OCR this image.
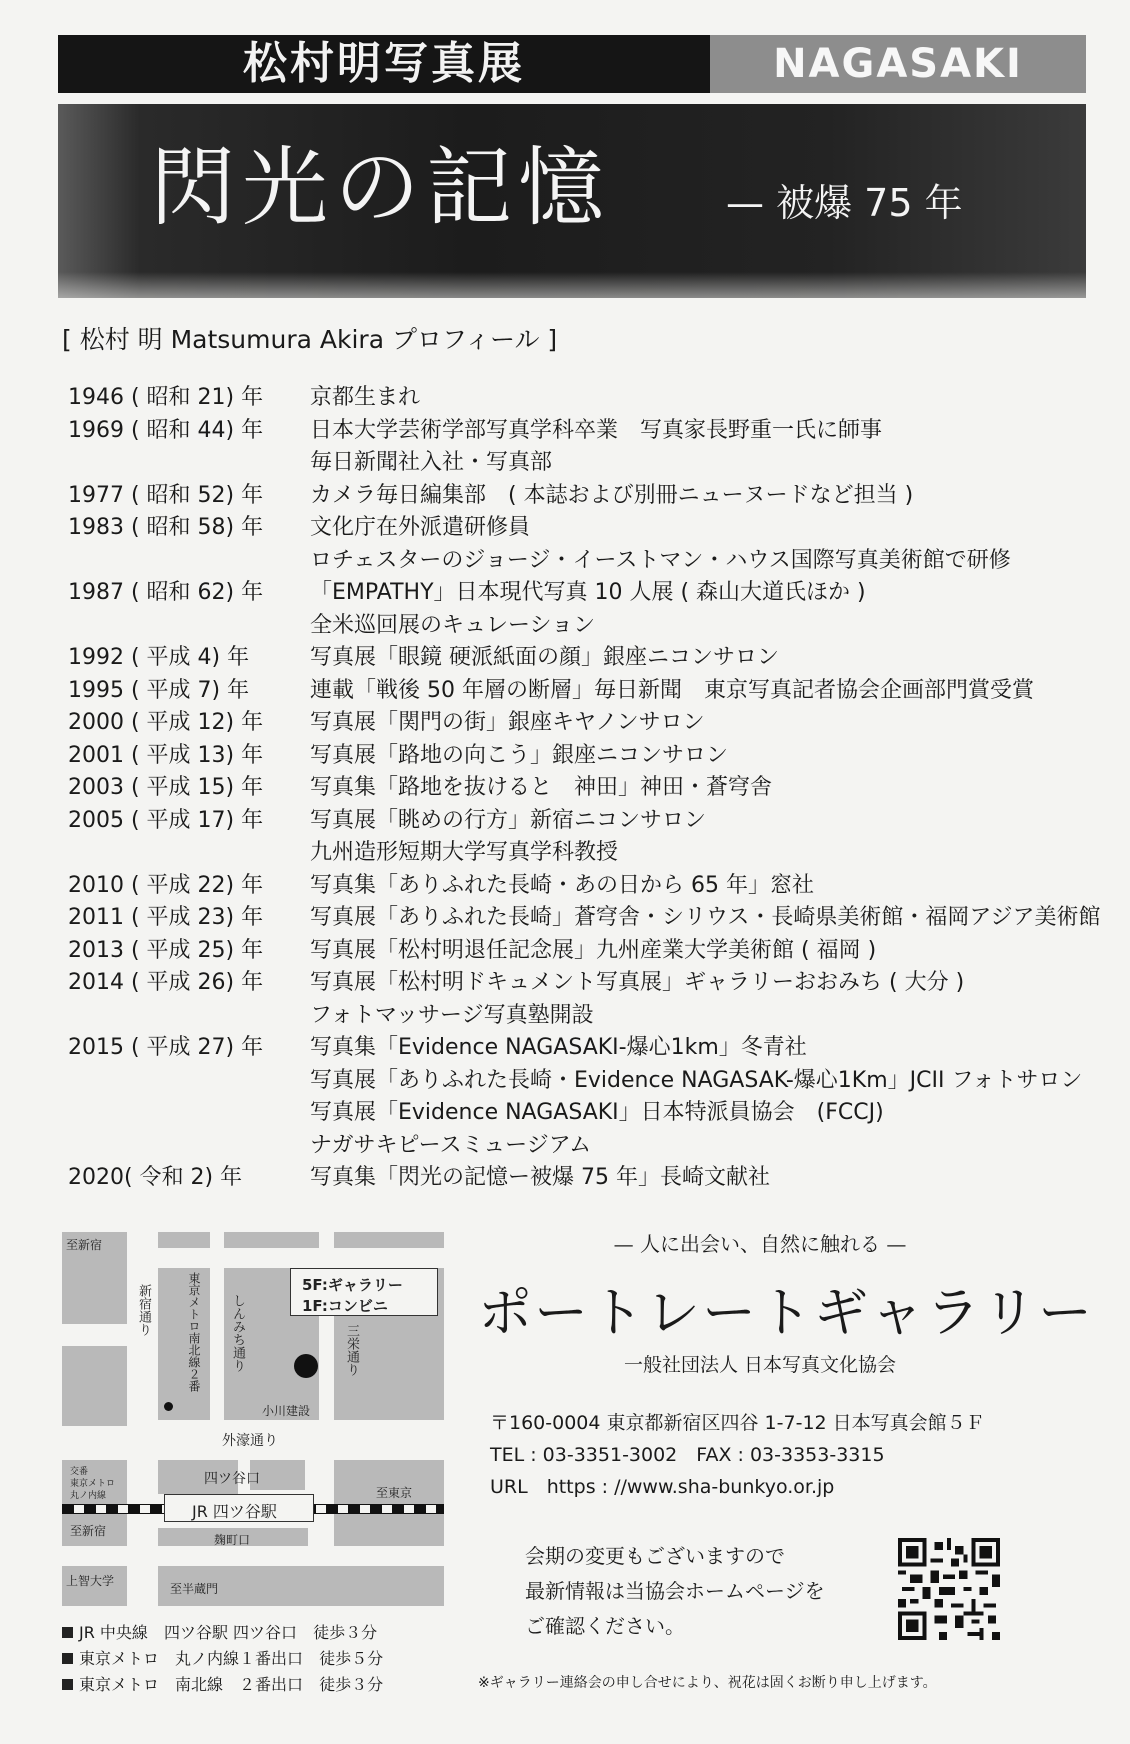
松村明写真展	NAGASAKI
閃光の記憶	— 被爆 75 年
[ 松村 明 Matsumura Akira プロフィール ]
1946 ( 昭和 21) 年 京都生まれ
1969 ( 昭和 44) 年 日本大学芸術学部写真学科卒業　写真家長野重一氏に師事
毎日新聞社入社・写真部
1977 ( 昭和 52) 年 カメラ毎日編集部　( 本誌および別冊ニューヌードなど担当 )
1983 ( 昭和 58) 年 文化庁在外派遣研修員
ロチェスターのジョージ・イーストマン・ハウス国際写真美術館で研修
1987 ( 昭和 62) 年 「EMPATHY」日本現代写真 10 人展 ( 森山大道氏ほか )
全米巡回展のキュレーション
1992 ( 平成 4) 年	写真展「眼鏡 硬派紙面の顔」銀座ニコンサロン
1995 ( 平成 7) 年	連載「戦後 50 年層の断層」毎日新聞　東京写真記者協会企画部門賞受賞
2000 ( 平成 12) 年 写真展「関門の街」銀座キヤノンサロン
2001 ( 平成 13) 年 写真展「路地の向こう」銀座ニコンサロン
2003 ( 平成 15) 年 写真集「路地を抜けると　神田」神田・蒼穹舎
2005 ( 平成 17) 年 写真展「眺めの行方」新宿ニコンサロン
九州造形短期大学写真学科教授
2010 ( 平成 22) 年 写真集「ありふれた長崎・あの日から 65 年」窓社
2011 ( 平成 23) 年 写真展「ありふれた長崎」蒼穹舎・シリウス・長崎県美術館・福岡アジア美術館
2013 ( 平成 25) 年 写真展「松村明退任記念展」九州産業大学美術館 ( 福岡 )
2014 ( 平成 26) 年 写真展「松村明ドキュメント写真展」ギャラリーおおみち ( 大分 )
フォトマッサージ写真塾開設
2015 ( 平成 27) 年 写真集「Evidence NAGASAKI-爆心1km」冬青社
写真展「ありふれた長崎・Evidence NAGASAK-爆心1Km」JCII フォトサロン
写真展「Evidence NAGASAKI」日本特派員協会　(FCCJ)
ナガサキピースミュージアム
2020( 令和 2) 年	写真集「閃光の記憶ー被爆 75 年」長崎文献社
JR 四ツ谷駅
5F:ギャラリー
1F:コンビニ
至新宿
新宿通り	東京メトロ南北線２番 しんみち通り	三栄通り
小川建設
外濠通り
四ツ谷口
至東京
麹町口
交番
東京メトロ
丸ノ内線
至新宿
上智大学
至半蔵門
JR 中央線　 四ツ谷駅 四ツ谷口　 徒歩３分
東京メトロ　 丸ノ内線１番出口　 徒歩５分
東京メトロ　 南北線　２番出口　 徒歩３分
— 人に出会い、自然に触れる —
ポートレートギャラリー
一般社団法人 日本写真文化協会
〒160-0004 東京都新宿区四谷 1-7-12 日本写真会館５Ｆ
TEL : 03-3351-3002　FAX : 03-3353-3315
URL　https : //www.sha-bunkyo.or.jp
会期の変更もございますので
最新情報は当協会ホームページを
ご確認ください。
※ギャラリー連絡会の申し合せにより、祝花は固くお断り申し上げます。
